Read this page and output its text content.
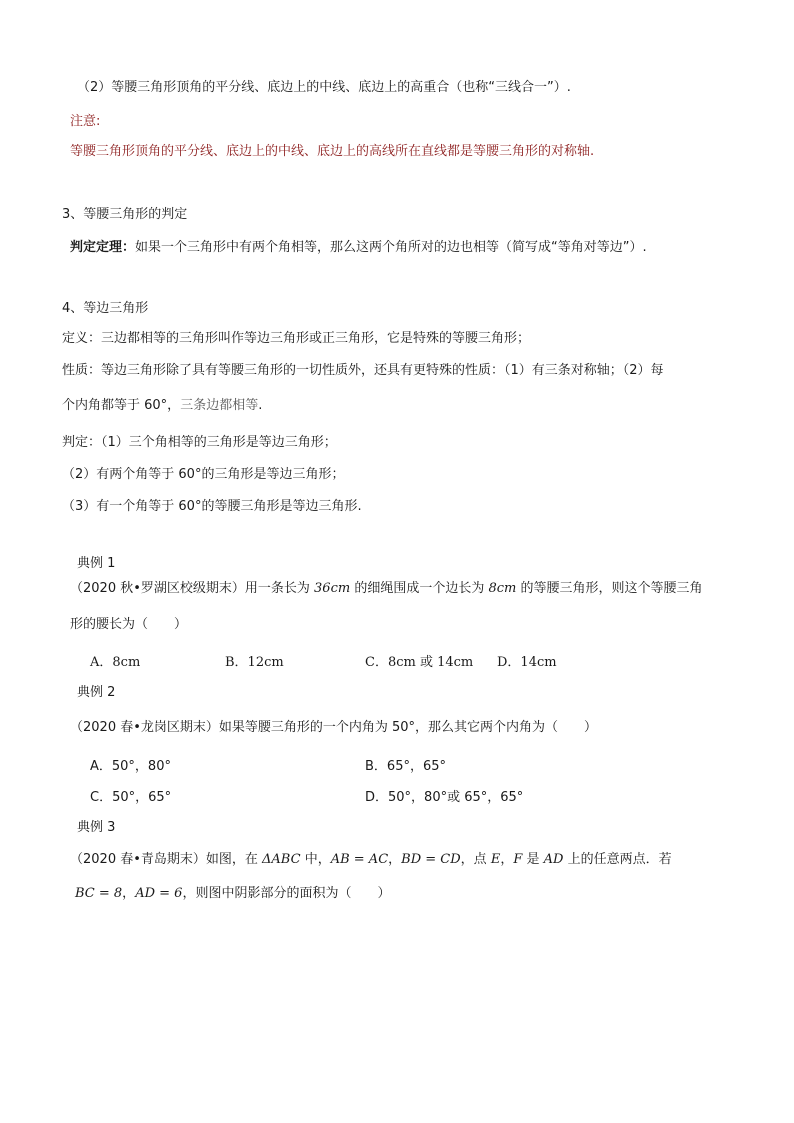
（2）等腰三角形顶角的平分线、底边上的中线、底边上的高重合（也称“三线合一”）.
注意:
等腰三角形顶角的平分线、底边上的中线、底边上的高线所在直线都是等腰三角形的对称轴.
3、等腰三角形的判定
判定定理：如果一个三角形中有两个角相等，那么这两个角所对的边也相等（简写成“等角对等边”）.
4、等边三角形
定义：三边都相等的三角形叫作等边三角形或正三角形，它是特殊的等腰三角形；
性质：等边三角形除了具有等腰三角形的一切性质外，还具有更特殊的性质：（1）有三条对称轴；（2）每
个内角都等于 60°，三条边都相等.
判定：（1）三个角相等的三角形是等边三角形；
（2）有两个角等于 60°的三角形是等边三角形；
（3）有一个角等于 60°的等腰三角形是等边三角形.
典例 1
（2020 秋•罗湖区校级期末）用一条长为 36cm 的细绳围成一个边长为 8cm 的等腰三角形，则这个等腰三角
形的腰长为（　　）
A．8cm	B．12cm	C．8cm 或 14cm D．14cm
典例 2
（2020 春•龙岗区期末）如果等腰三角形的一个内角为 50°，那么其它两个内角为（　　）
A．50°，80°	B．65°，65°
C．50°，65°	D．50°，80°或 65°，65°
典例 3
（2020 春•青岛期末）如图，在 ΔABC 中，AB = AC，BD = CD，点 E，F 是 AD 上的任意两点．若
BC = 8，AD = 6，则图中阴影部分的面积为（　　）
